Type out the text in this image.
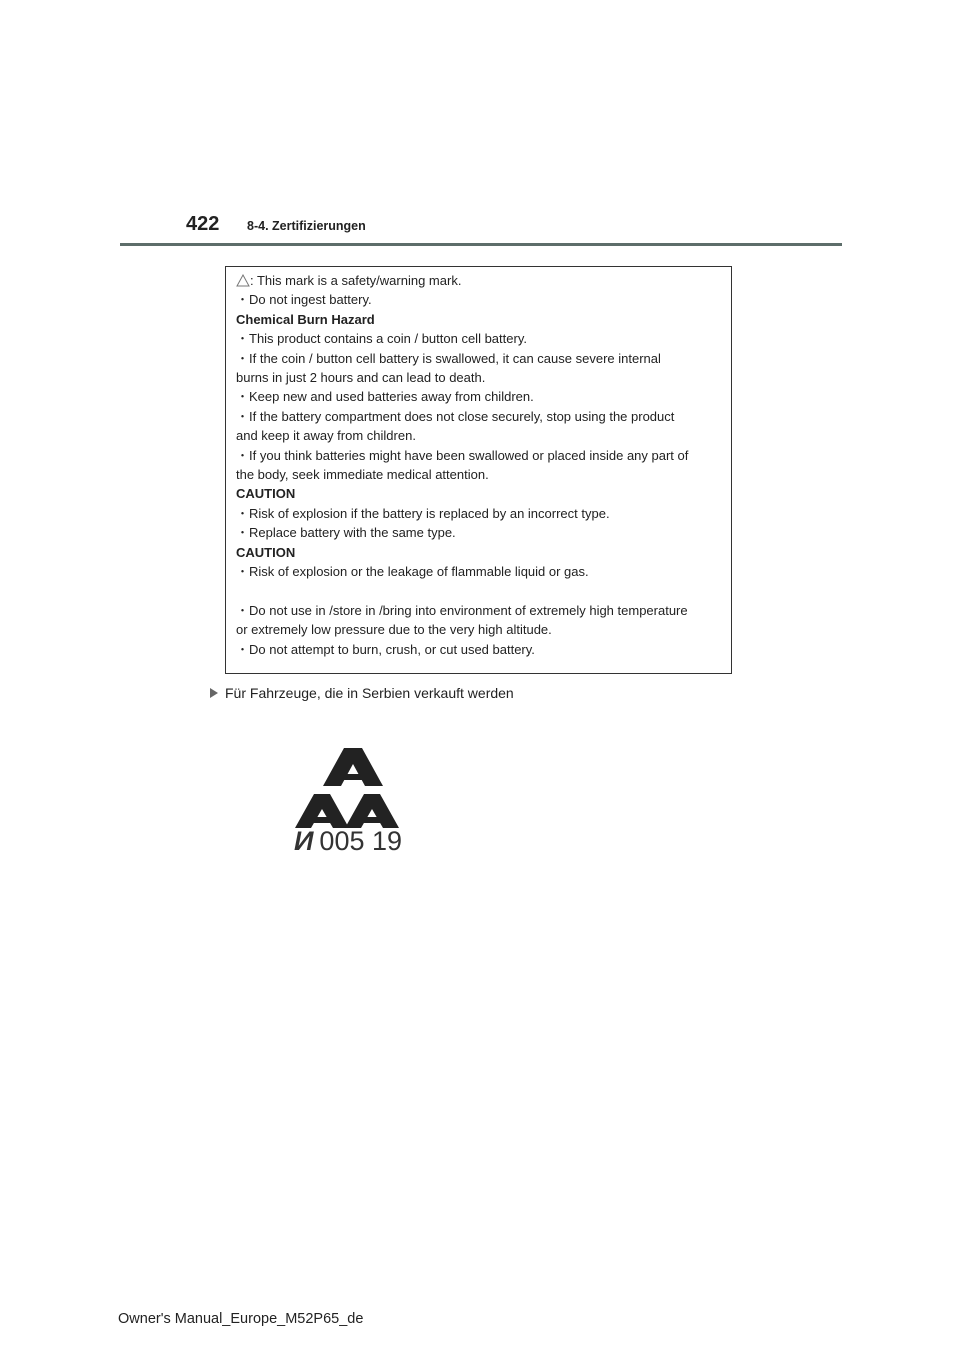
422 8-4. Zertifizierungen
: This mark is a safety/warning mark.
・Do not ingest battery.
Chemical Burn Hazard
・This product contains a coin / button cell battery.
・If the coin / button cell battery is swallowed, it can cause severe internal
burns in just 2 hours and can lead to death.
・Keep new and used batteries away from children.
・If the battery compartment does not close securely, stop using the product
and keep it away from children.
・If you think batteries might have been swallowed or placed inside any part of
the body, seek immediate medical attention.
CAUTION
・Risk of explosion if the battery is replaced by an incorrect type.
・Replace battery with the same type.
CAUTION
・Risk of explosion or the leakage of flammable liquid or gas.
・Do not use in /store in /bring into environment of extremely high temperature
or extremely low pressure due to the very high altitude.
・Do not attempt to burn, crush, or cut used battery.
Für Fahrzeuge, die in Serbien verkauft werden
И 005 19
Owner's Manual_Europe_M52P65_de
